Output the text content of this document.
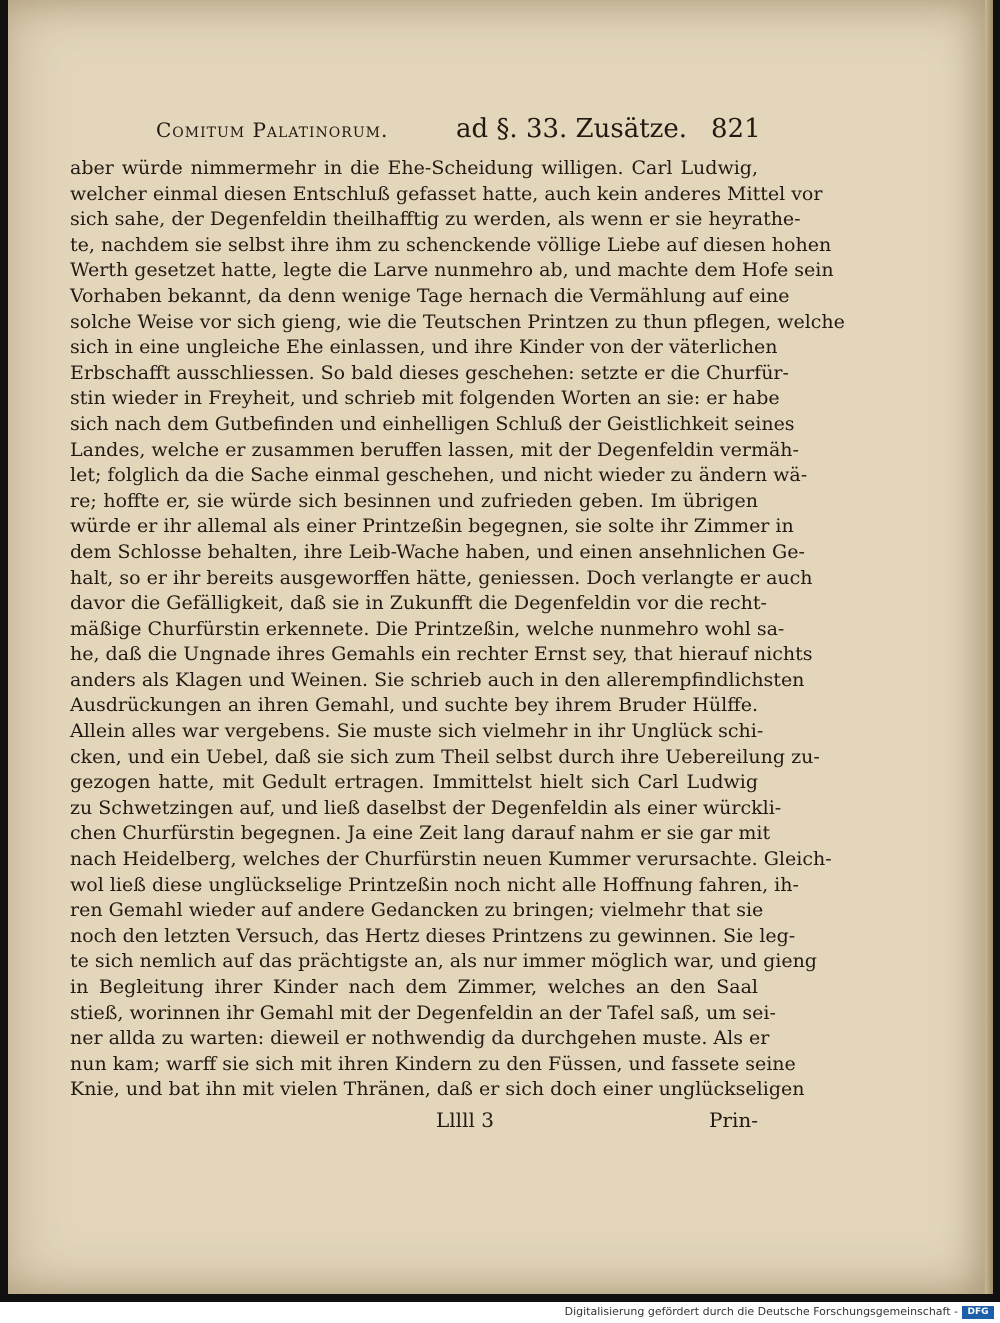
Comitum Palatinorum.	ad §. 33. Zusätze. 821
aber würde nimmermehr in die Ehe-Scheidung willigen. Carl Ludwig,
welcher einmal diesen Entschluß gefasset hatte, auch kein anderes Mittel vor
sich sahe, der Degenfeldin theilhafftig zu werden, als wenn er sie heyrathe-
te, nachdem sie selbst ihre ihm zu schenckende völlige Liebe auf diesen hohen
Werth gesetzet hatte, legte die Larve nunmehro ab, und machte dem Hofe sein
Vorhaben bekannt, da denn wenige Tage hernach die Vermählung auf eine
solche Weise vor sich gieng, wie die Teutschen Printzen zu thun pflegen, welche
sich in eine ungleiche Ehe einlassen, und ihre Kinder von der väterlichen
Erbschafft ausschliessen. So bald dieses geschehen: setzte er die Churfür-
stin wieder in Freyheit, und schrieb mit folgenden Worten an sie: er habe
sich nach dem Gutbefinden und einhelligen Schluß der Geistlichkeit seines
Landes, welche er zusammen beruffen lassen, mit der Degenfeldin vermäh-
let; folglich da die Sache einmal geschehen, und nicht wieder zu ändern wä-
re; hoffte er, sie würde sich besinnen und zufrieden geben. Im übrigen
würde er ihr allemal als einer Printzeßin begegnen, sie solte ihr Zimmer in
dem Schlosse behalten, ihre Leib-Wache haben, und einen ansehnlichen Ge-
halt, so er ihr bereits ausgeworffen hätte, geniessen. Doch verlangte er auch
davor die Gefälligkeit, daß sie in Zukunfft die Degenfeldin vor die recht-
mäßige Churfürstin erkennete. Die Printzeßin, welche nunmehro wohl sa-
he, daß die Ungnade ihres Gemahls ein rechter Ernst sey, that hierauf nichts
anders als Klagen und Weinen. Sie schrieb auch in den allerempfindlichsten
Ausdrückungen an ihren Gemahl, und suchte bey ihrem Bruder Hülffe.
Allein alles war vergebens. Sie muste sich vielmehr in ihr Unglück schi-
cken, und ein Uebel, daß sie sich zum Theil selbst durch ihre Uebereilung zu-
gezogen hatte, mit Gedult ertragen. Immittelst hielt sich Carl Ludwig
zu Schwetzingen auf, und ließ daselbst der Degenfeldin als einer würckli-
chen Churfürstin begegnen. Ja eine Zeit lang darauf nahm er sie gar mit
nach Heidelberg, welches der Churfürstin neuen Kummer verursachte. Gleich-
wol ließ diese unglückselige Printzeßin noch nicht alle Hoffnung fahren, ih-
ren Gemahl wieder auf andere Gedancken zu bringen; vielmehr that sie
noch den letzten Versuch, das Hertz dieses Printzens zu gewinnen. Sie leg-
te sich nemlich auf das prächtigste an, als nur immer möglich war, und gieng
in Begleitung ihrer Kinder nach dem Zimmer, welches an den Saal
stieß, worinnen ihr Gemahl mit der Degenfeldin an der Tafel saß, um sei-
ner allda zu warten: dieweil er nothwendig da durchgehen muste. Als er
nun kam; warff sie sich mit ihren Kindern zu den Füssen, und fassete seine
Knie, und bat ihn mit vielen Thränen, daß er sich doch einer unglückseligen
Lllll 3	Prin-
Digitalisierung gefördert durch die Deutsche Forschungsgemeinschaft -	DFG
